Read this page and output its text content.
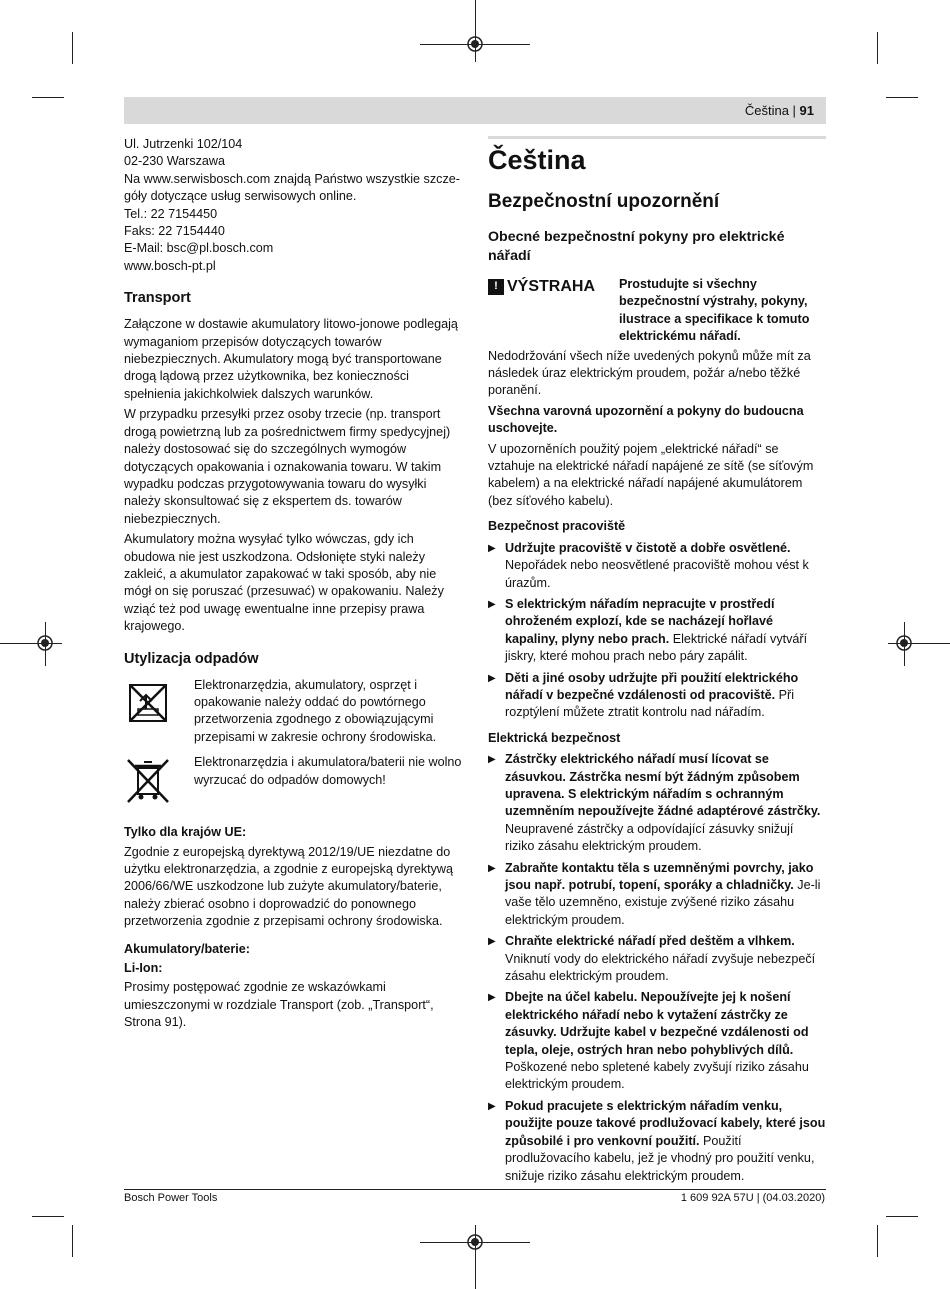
Čeština | 91
Ul. Jutrzenki 102/104
02-230 Warszawa
Na www.serwisbosch.com znajdą Państwo wszystkie szcze-
góły dotyczące usług serwisowych online.
Tel.: 22 7154450
Faks: 22 7154440
E-Mail: bsc@pl.bosch.com
www.bosch-pt.pl
Transport

Załączone w dostawie akumulatory litowo-jonowe podlegają wymaganiom przepisów dotyczących towarów niebezpiecznych. Akumulatory mogą być transportowane drogą lądową przez użytkownika, bez konieczności spełnienia jakichkolwiek dalszych warunków.

W przypadku przesyłki przez osoby trzecie (np. transport drogą powietrzną lub za pośrednictwem firmy spedycyjnej) należy dostosować się do szczególnych wymogów dotyczących opakowania i oznakowania towaru. W takim wypadku podczas przygotowywania towaru do wysyłki należy skonsultować się z ekspertem ds. towarów niebezpiecznych.

Akumulatory można wysyłać tylko wówczas, gdy ich obudowa nie jest uszkodzona. Odsłonięte styki należy zakleić, a akumulator zapakować w taki sposób, aby nie mógł on się poruszać (przesuwać) w opakowaniu. Należy wziąć też pod uwagę ewentualne inne przepisy prawa krajowego.

Utylizacja odpadów

Elektronarzędzia, akumulatory, osprzęt i opakowanie należy oddać do powtórnego przetworzenia zgodnego z obowiązującymi przepisami w zakresie ochrony środowiska.

Elektronarzędzia i akumulatora/baterii nie wolno wyrzucać do odpadów domowych!

Tylko dla krajów UE:

Zgodnie z europejską dyrektywą 2012/19/UE niezdatne do użytku elektronarzędzia, a zgodnie z europejską dyrektywą 2006/66/WE uszkodzone lub zużyte akumulatory/baterie, należy zbierać osobno i doprowadzić do ponownego przetworzenia zgodnie z przepisami ochrony środowiska.

Akumulatory/baterie:
Li-Ion:

Prosimy postępować zgodnie ze wskazówkami umieszczonymi w rozdziale Transport (zob. „Transport“, Strona 91).

Čeština
Bezpečnostní upozornění
Obecné bezpečnostní pokyny pro elektrické nářadí
! VÝSTRAHA	Prostudujte si všechny bezpečnostní výstrahy, pokyny, ilustrace a specifikace k tomuto elektrickému nářadí.

Nedodržování všech níže uvedených pokynů může mít za následek úraz elektrickým proudem, požár a/nebo těžké poranění.

Všechna varovná upozornění a pokyny do budoucna uschovejte.

V upozorněních použitý pojem „elektrické nářadí“ se vztahuje na elektrické nářadí napájené ze sítě (se síťovým kabelem) a na elektrické nářadí napájené akumulátorem (bez síťového kabelu).

Bezpečnost pracoviště
▶ Udržujte pracoviště v čistotě a dobře osvětlené. Nepořádek nebo neosvětlené pracoviště mohou vést k úrazům.
▶ S elektrickým nářadím nepracujte v prostředí ohroženém explozí, kde se nacházejí hořlavé kapaliny, plyny nebo prach. Elektrické nářadí vytváří jiskry, které mohou prach nebo páry zapálit.
▶ Děti a jiné osoby udržujte při použití elektrického nářadí v bezpečné vzdálenosti od pracoviště. Při rozptýlení můžete ztratit kontrolu nad nářadím.
Elektrická bezpečnost
▶ Zástrčky elektrického nářadí musí lícovat se zásuvkou. Zástrčka nesmí být žádným způsobem upravena. S elektrickým nářadím s ochranným uzemněním nepoužívejte žádné adaptérové zástrčky. Neupravené zástrčky a odpovídající zásuvky snižují riziko zásahu elektrickým proudem.
▶ Zabraňte kontaktu těla s uzemněnými povrchy, jako jsou např. potrubí, topení, sporáky a chladničky. Je-li vaše tělo uzemněno, existuje zvýšené riziko zásahu elektrickým proudem.
▶ Chraňte elektrické nářadí před deštěm a vlhkem. Vniknutí vody do elektrického nářadí zvyšuje nebezpečí zásahu elektrickým proudem.
▶ Dbejte na účel kabelu. Nepoužívejte jej k nošení elektrického nářadí nebo k vytažení zástrčky ze zásuvky. Udržujte kabel v bezpečné vzdálenosti od tepla, oleje, ostrých hran nebo pohyblivých dílů. Poškozené nebo spletené kabely zvyšují riziko zásahu elektrickým proudem.
▶ Pokud pracujete s elektrickým nářadím venku, použijte pouze takové prodlužovací kabely, které jsou způsobilé i pro venkovní použití. Použití prodlužovacího kabelu, jež je vhodný pro použití venku, snižuje riziko zásahu elektrickým proudem.
Bosch Power Tools	1 609 92A 57U | (04.03.2020)
